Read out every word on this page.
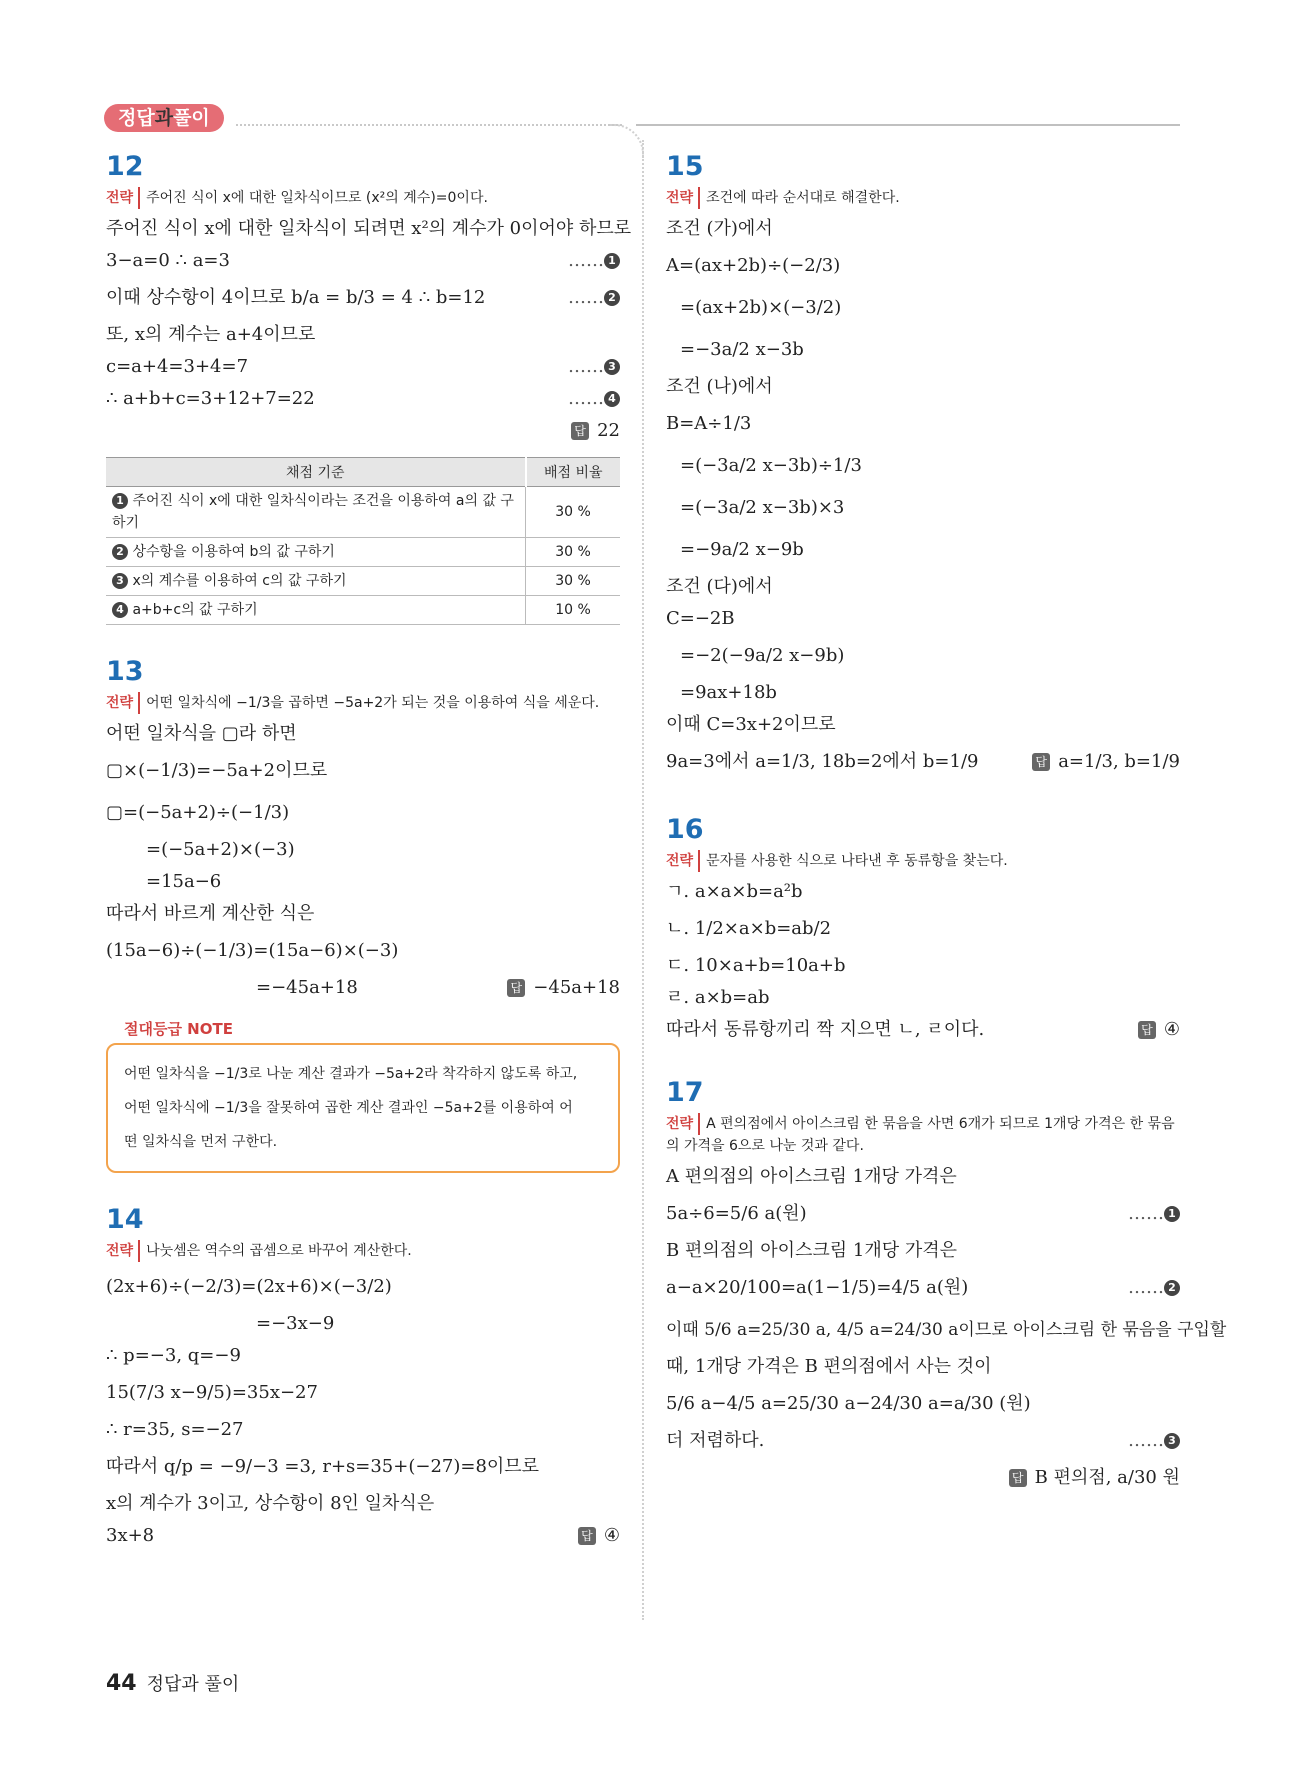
정답과풀이
12
전략 주어진 식이 x에 대한 일차식이므로 (x²의 계수)=0이다.
주어진 식이 x에 대한 일차식이 되려면 x²의 계수가 0이어야 하므로
3−a=0 ∴ a=3	…… 1
이때 상수항이 4이므로 b/a = b/3 = 4 ∴ b=12	…… 2
또, x의 계수는 a+4이므로
c=a+4=3+4=7	…… 3
∴ a+b+c=3+12+7=22	…… 4
답 22
채점 기준	배점 비율
1 주어진 식이 x에 대한 일차식이라는 조건을 이용하여 a의 값 구하기	30 %
2 상수항을 이용하여 b의 값 구하기	30 %
3 x의 계수를 이용하여 c의 값 구하기	30 %
4 a+b+c의 값 구하기	10 %
13
전략 어떤 일차식에 −1/3을 곱하면 −5a+2가 되는 것을 이용하여 식을 세운다.
어떤 일차식을 ▢라 하면
▢×(−1/3)=−5a+2이므로
▢=(−5a+2)÷(−1/3)
=(−5a+2)×(−3)
=15a−6
따라서 바르게 계산한 식은
(15a−6)÷(−1/3)=(15a−6)×(−3)
=−45a+18	답 −45a+18
절대등급 NOTE
어떤 일차식을 −1/3로 나눈 계산 결과가 −5a+2라 착각하지 않도록 하고,
어떤 일차식에 −1/3을 잘못하여 곱한 계산 결과인 −5a+2를 이용하여 어
떤 일차식을 먼저 구한다.
14
전략 나눗셈은 역수의 곱셈으로 바꾸어 계산한다.
(2x+6)÷(−2/3)=(2x+6)×(−3/2)
=−3x−9
∴ p=−3, q=−9
15(7/3 x−9/5)=35x−27
∴ r=35, s=−27
따라서 q/p = −9/−3 =3, r+s=35+(−27)=8이므로
x의 계수가 3이고, 상수항이 8인 일차식은
3x+8	답 ④
15
전략 조건에 따라 순서대로 해결한다.
조건 (가)에서
A=(ax+2b)÷(−2/3)
=(ax+2b)×(−3/2)
=−3a/2 x−3b
조건 (나)에서
B=A÷1/3
=(−3a/2 x−3b)÷1/3
=(−3a/2 x−3b)×3
=−9a/2 x−9b
조건 (다)에서
C=−2B
=−2(−9a/2 x−9b)
=9ax+18b
이때 C=3x+2이므로
9a=3에서 a=1/3, 18b=2에서 b=1/9	답 a=1/3, b=1/9
16
전략 문자를 사용한 식으로 나타낸 후 동류항을 찾는다.
ㄱ. a×a×b=a²b
ㄴ. 1/2×a×b=ab/2
ㄷ. 10×a+b=10a+b
ㄹ. a×b=ab
따라서 동류항끼리 짝 지으면 ㄴ, ㄹ이다.	답 ④
17
전략 A 편의점에서 아이스크림 한 묶음을 사면 6개가 되므로 1개당 가격은 한 묶음의 가격을 6으로 나눈 것과 같다.
A 편의점의 아이스크림 1개당 가격은
5a÷6=5/6 a(원)	…… 1
B 편의점의 아이스크림 1개당 가격은
a−a×20/100=a(1−1/5)=4/5 a(원)	…… 2
이때 5/6 a=25/30 a, 4/5 a=24/30 a이므로 아이스크림 한 묶음을 구입할
때, 1개당 가격은 B 편의점에서 사는 것이
5/6 a−4/5 a=25/30 a−24/30 a=a/30 (원)
더 저렴하다.	…… 3
답 B 편의점, a/30 원
44 정답과 풀이
